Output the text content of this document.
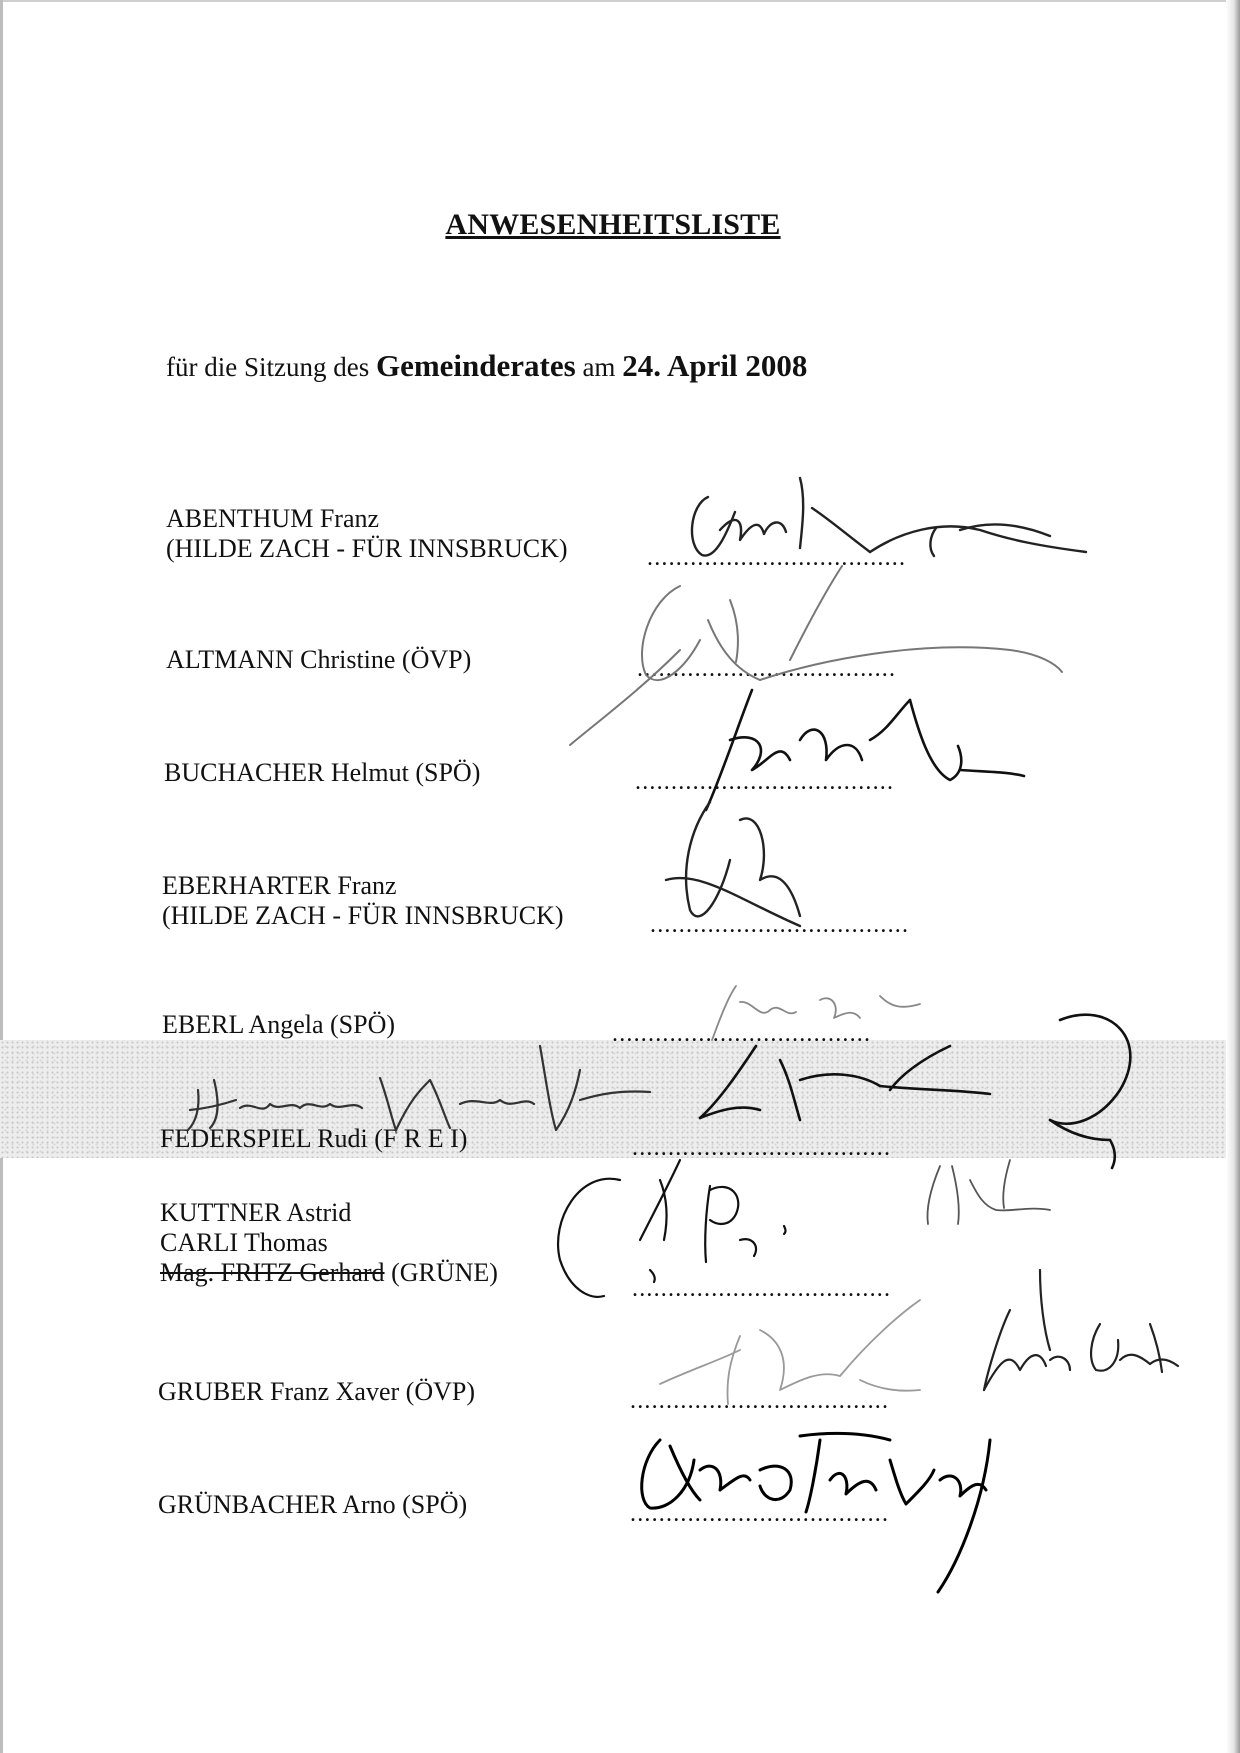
ANWESENHEITSLISTE
für die Sitzung des Gemeinderates am 24. April 2008
ABENTHUM Franz
(HILDE ZACH - FÜR INNSBRUCK)	....................................
ALTMANN Christine (ÖVP)	....................................
BUCHACHER Helmut (SPÖ)	....................................
EBERHARTER Franz
(HILDE ZACH - FÜR INNSBRUCK)	....................................
EBERL Angela (SPÖ)	....................................
FEDERSPIEL Rudi (F R E I)	....................................
KUTTNER Astrid
CARLI Thomas
Mag. FRITZ Gerhard (GRÜNE)
....................................
GRUBER Franz Xaver (ÖVP)	....................................
GRÜNBACHER Arno (SPÖ)	....................................
